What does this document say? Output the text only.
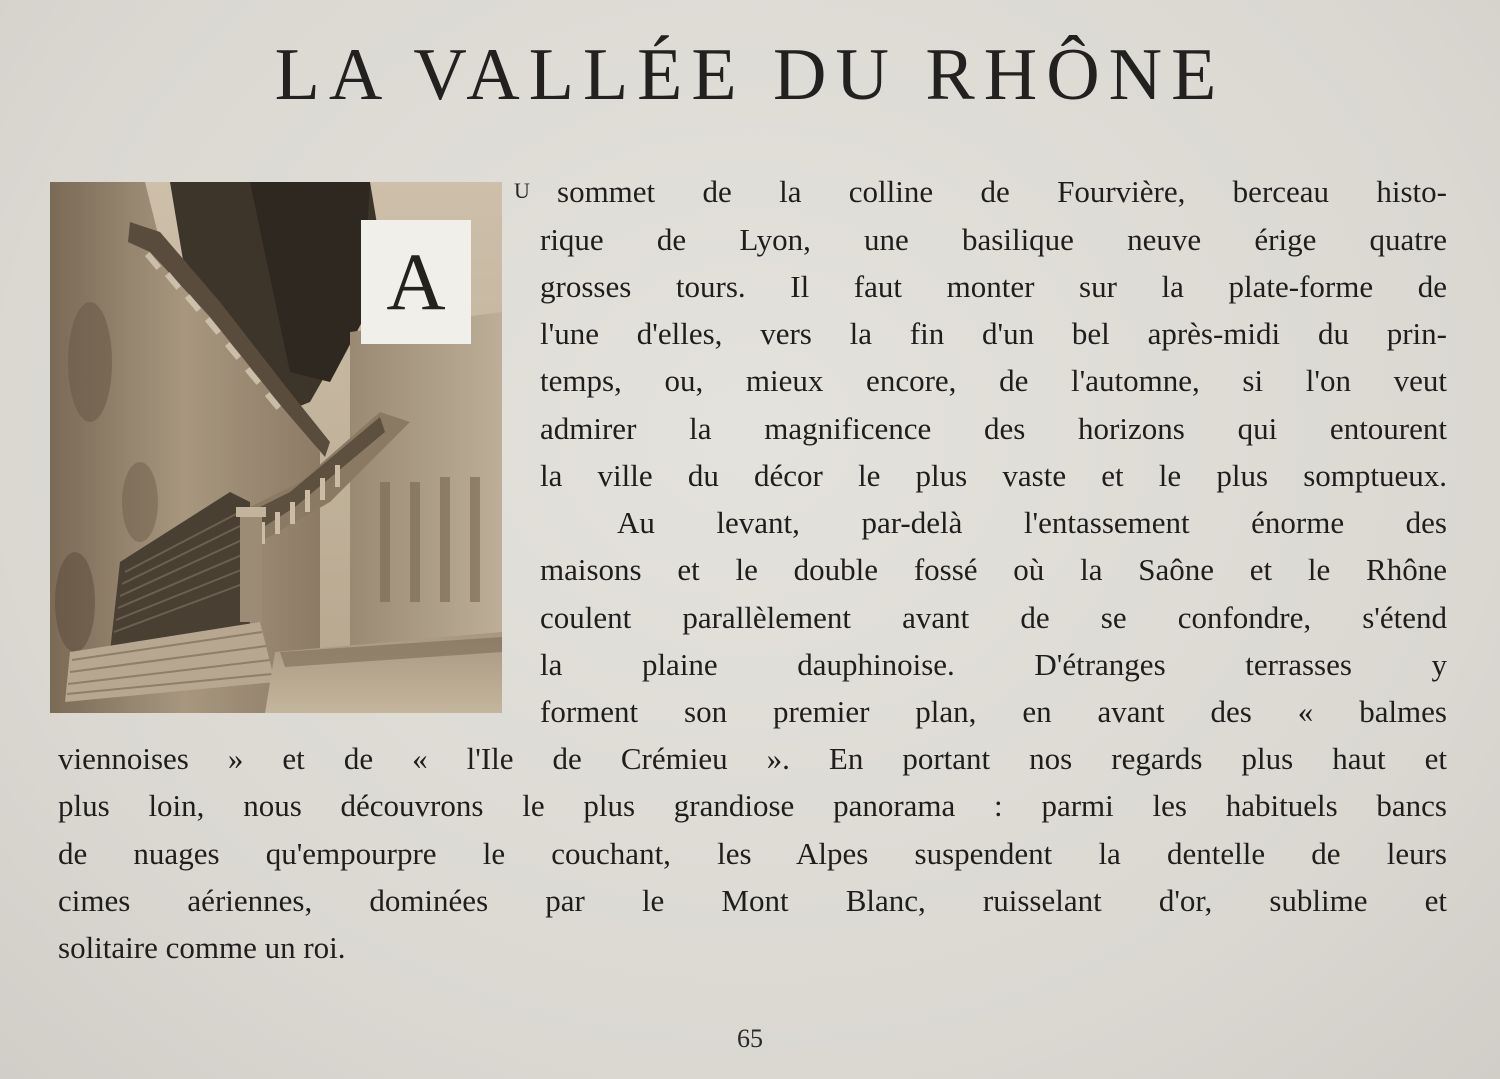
LA VALLÉE DU RHÔNE
A
U sommet de la colline de Fourvière, berceau histo-
rique de Lyon, une basilique neuve érige quatre
grosses tours. Il faut monter sur la plate-forme de
l'une d'elles, vers la fin d'un bel après-midi du prin-
temps, ou, mieux encore, de l'automne, si l'on veut
admirer la magnificence des horizons qui entourent
la ville du décor le plus vaste et le plus somptueux.
Au levant, par-delà l'entassement énorme des
maisons et le double fossé où la Saône et le Rhône
coulent parallèlement avant de se confondre, s'étend
la plaine dauphinoise. D'étranges terrasses y
forment son premier plan, en avant des « balmes
viennoises » et de « l'Ile de Crémieu ». En portant nos regards plus haut et
plus loin, nous découvrons le plus grandiose panorama : parmi les habituels bancs
de nuages qu'empourpre le couchant, les Alpes suspendent la dentelle de leurs
cimes aériennes, dominées par le Mont Blanc, ruisselant d'or, sublime et
solitaire comme un roi.
65
